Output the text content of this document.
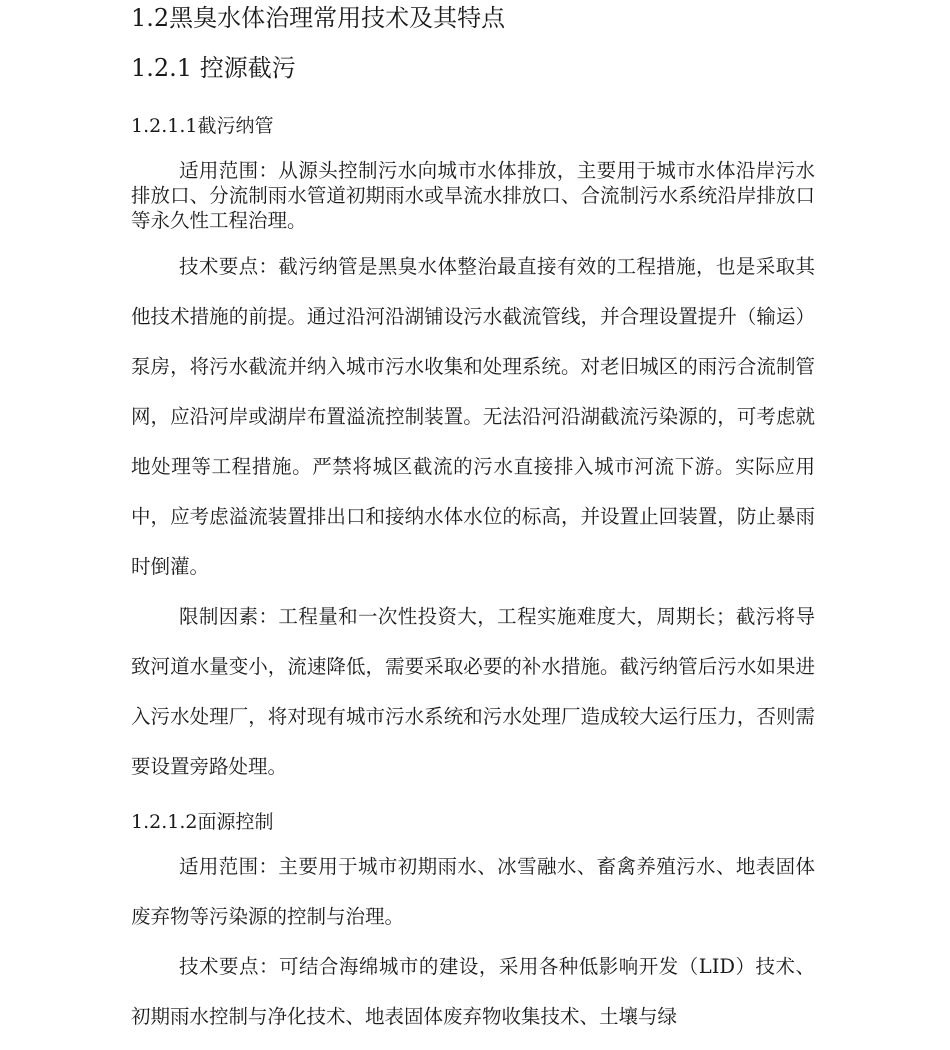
1.2黑臭水体治理常用技术及其特点
1.2.1 控源截污
1.2.1.1截污纳管

适用范围：从源头控制污水向城市水体排放，主要用于城市水体沿岸污水排放口、分流制雨水管道初期雨水或旱流水排放口、合流制污水系统沿岸排放口等永久性工程治理。

技术要点：截污纳管是黑臭水体整治最直接有效的工程措施，也是采取其他技术措施的前提。通过沿河沿湖铺设污水截流管线，并合理设置提升（输运）泵房，将污水截流并纳入城市污水收集和处理系统。对老旧城区的雨污合流制管网，应沿河岸或湖岸布置溢流控制装置。无法沿河沿湖截流污染源的，可考虑就地处理等工程措施。严禁将城区截流的污水直接排入城市河流下游。实际应用中，应考虑溢流装置排出口和接纳水体水位的标高，并设置止回装置，防止暴雨时倒灌。

限制因素：工程量和一次性投资大，工程实施难度大，周期长；截污将导致河道水量变小，流速降低，需要采取必要的补水措施。截污纳管后污水如果进入污水处理厂，将对现有城市污水系统和污水处理厂造成较大运行压力，否则需要设置旁路处理。

1.2.1.2面源控制

适用范围：主要用于城市初期雨水、冰雪融水、畜禽养殖污水、地表固体废弃物等污染源的控制与治理。

技术要点：可结合海绵城市的建设，采用各种低影响开发（LID）技术、初期雨水控制与净化技术、地表固体废弃物收集技术、土壤与绿
